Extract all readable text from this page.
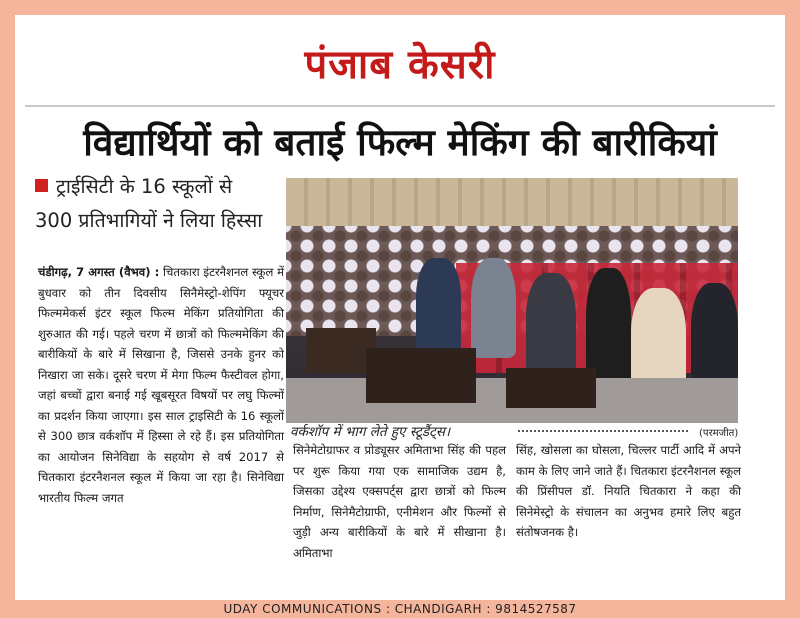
पंजाब केसरी
विद्यार्थियों को बताई फिल्म मेकिंग की बारीकियां
ट्राईसिटी के 16 स्कूलों से 300 प्रतिभागियों ने लिया हिस्सा

चंडीगढ़, 7 अगस्त (वैभव) : चितकारा इंटरनैशनल स्कूल में बुधवार को तीन दिवसीय सिनैमेस्ट्रो-शेपिंग फ्यूचर फिल्ममेकर्स इंटर स्कूल फिल्म मेकिंग प्रतियोगिता की शुरुआत की गई। पहले चरण में छात्रों को फिल्ममेकिंग की बारीकियों के बारे में सिखाना है, जिससे उनके हुनर को निखारा जा सके। दूसरे चरण में मेगा फिल्म फैस्टीवल होगा, जहां बच्चों द्वारा बनाई गई खूबसूरत विषयों पर लघु फिल्मों का प्रदर्शन किया जाएगा। इस साल ट्राइसिटी के 16 स्कूलों से 300 छात्र वर्कशॉप में हिस्सा ले रहे हैं। इस प्रतियोगिता का आयोजन सिनेविद्या के सहयोग से वर्ष 2017 से चितकारा इंटरनैशनल स्कूल में किया जा रहा है। सिनेविद्या भारतीय फिल्म जगत

वर्कशॉप में भाग लेते हुए स्टूडैंट्स।	(परमजीत)

सिनेमेटोग्राफर व प्रोड्यूसर अमिताभा सिंह की पहल पर शुरू किया गया एक सामाजिक उद्यम है, जिसका उद्देश्य एक्सपर्ट्स द्वारा छात्रों को फिल्म निर्माण, सिनेमैटोग्राफी, एनीमेशन और फिल्मों से जुड़ी अन्य बारीकियों के बारे में सीखाना है। अमिताभा

सिंह, खोसला का घोसला, चिल्लर पार्टी आदि में अपने काम के लिए जाने जाते हैं। चितकारा इंटरनैशनल स्कूल की प्रिंसीपल डॉ. नियति चितकारा ने कहा की सिनेमेस्ट्रो के संचालन का अनुभव हमारे लिए बहुत संतोषजनक है।

UDAY COMMUNICATIONS : CHANDIGARH : 9814527587
